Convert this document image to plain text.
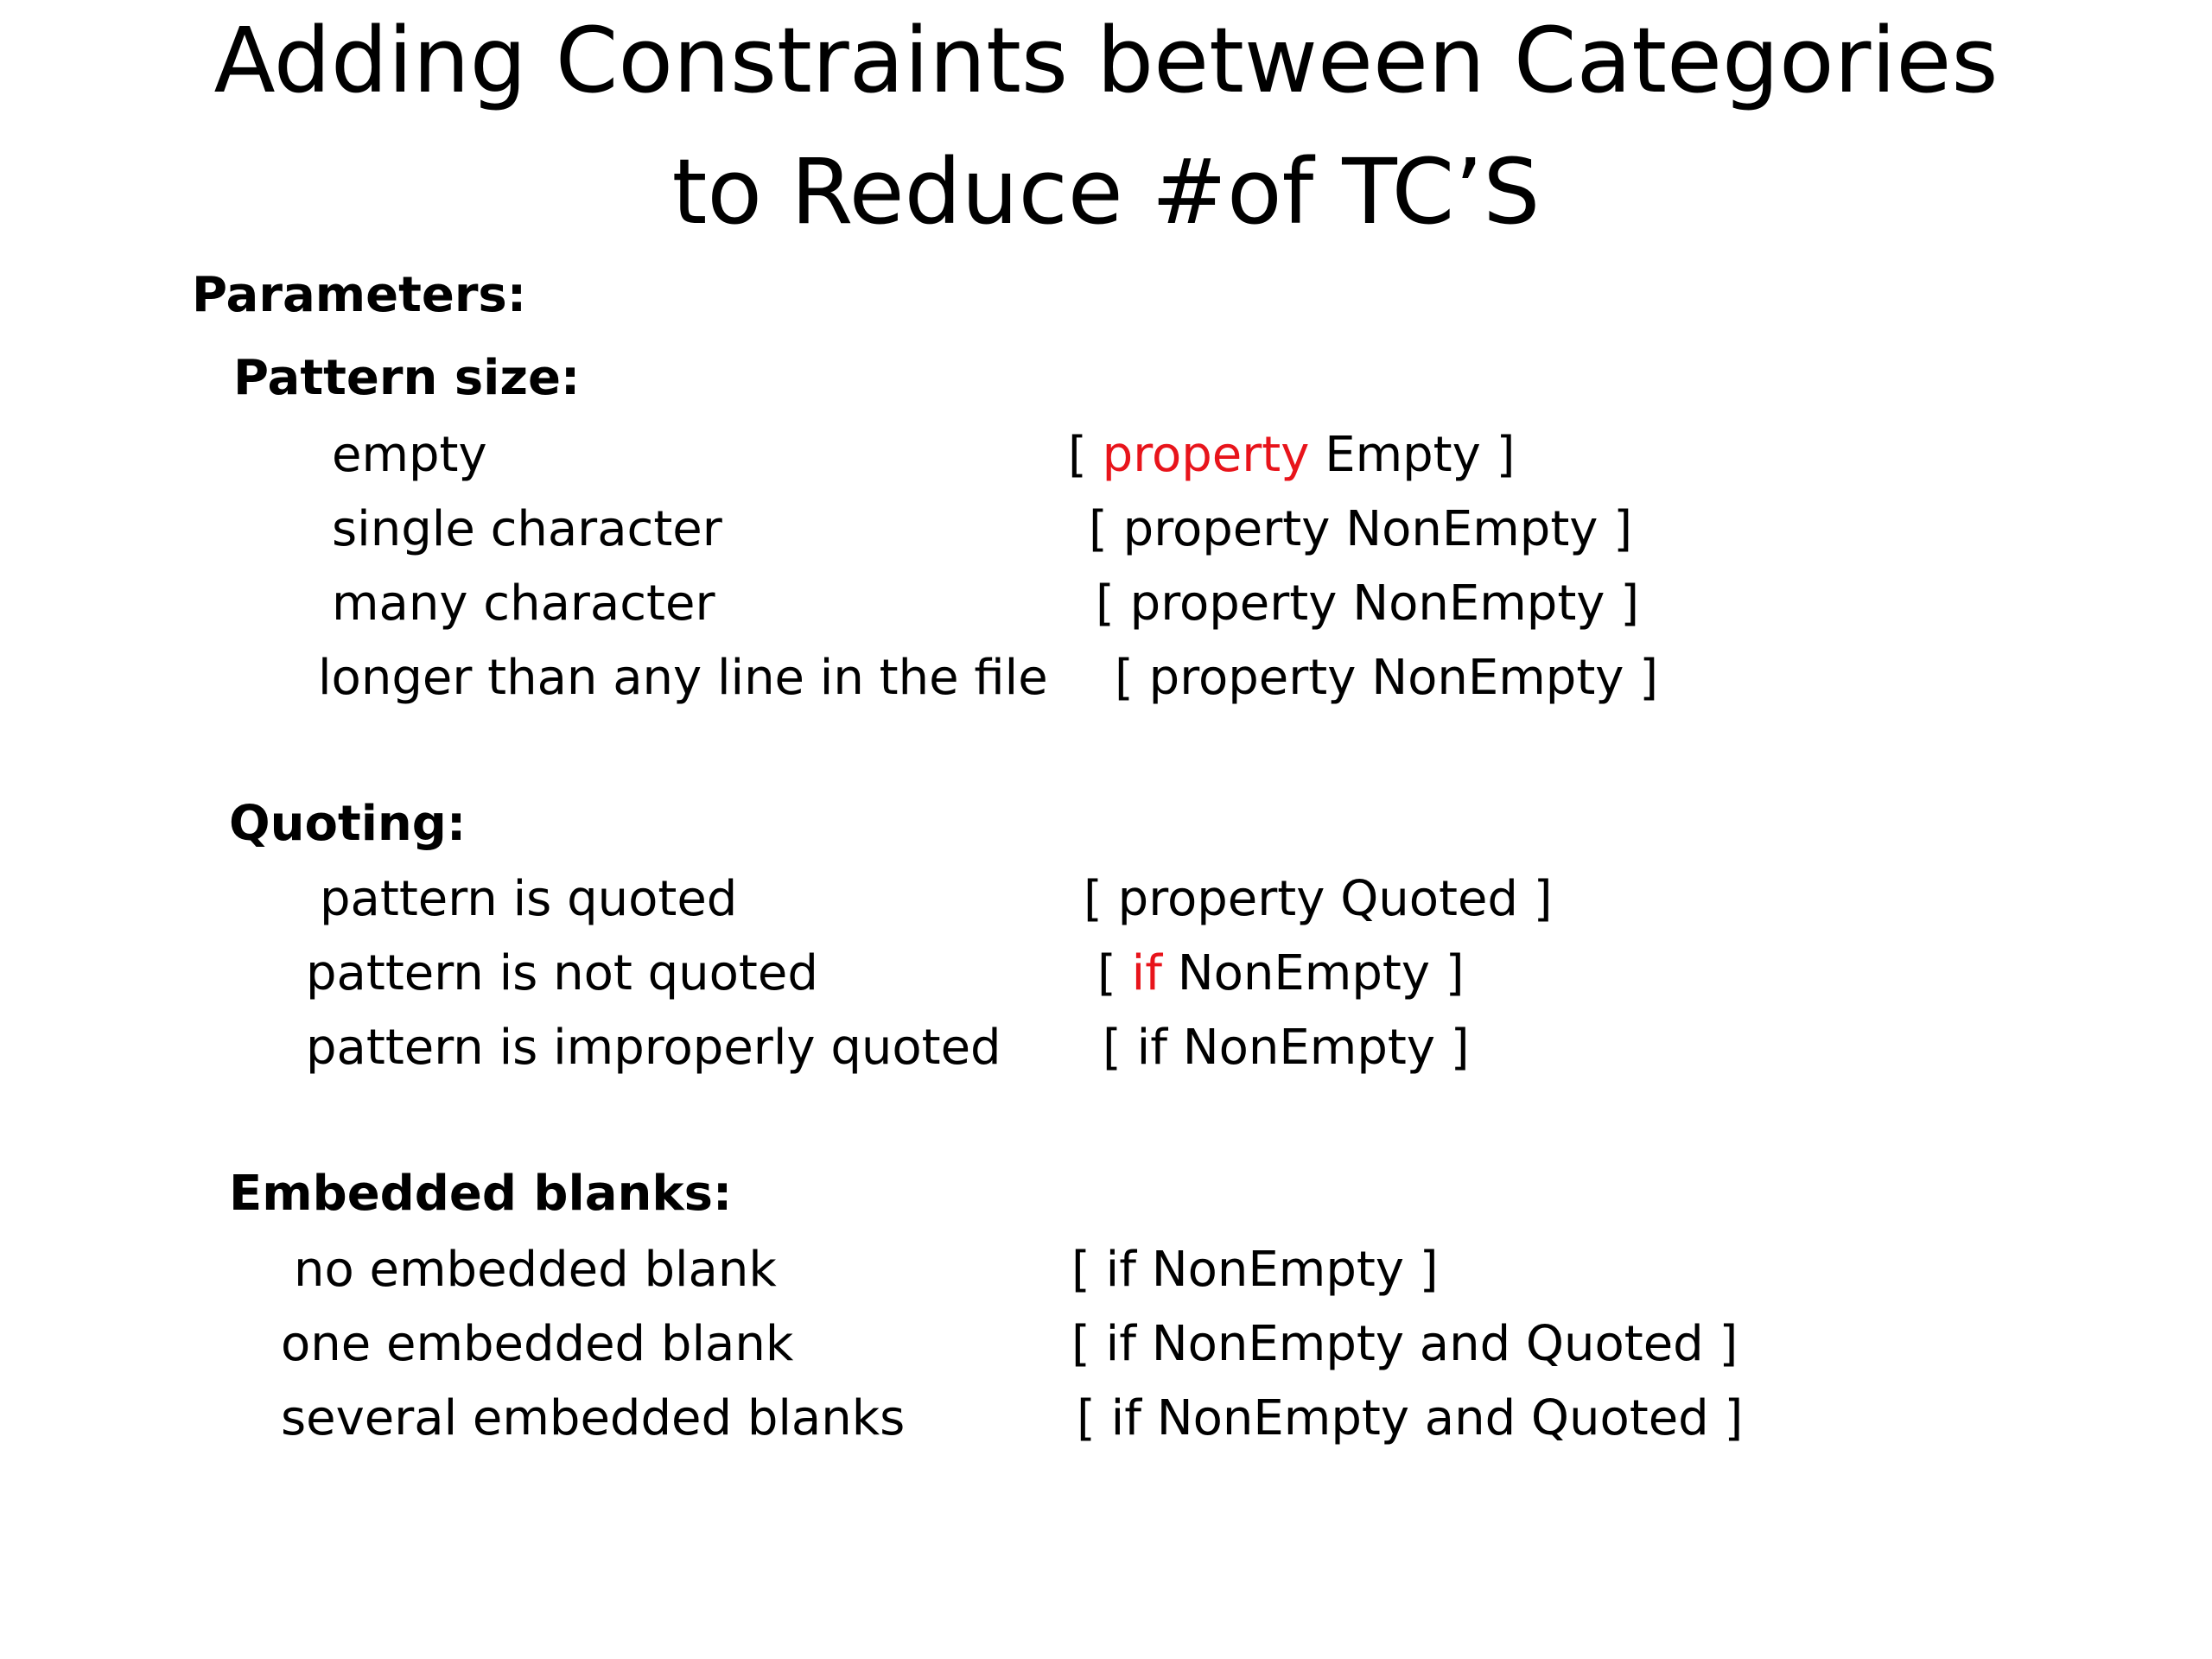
Adding Constraints between Categories
to Reduce #of TC’S
Parameters:
Pattern size:
empty	[ property Empty ]
single character	[ property NonEmpty ]
many character	[ property NonEmpty ]
longer than any line in the file [ property NonEmpty ]
Quoting:
pattern is quoted	[ property Quoted ]
pattern is not quoted	[ if NonEmpty ]
pattern is improperly quoted [ if NonEmpty ]
Embedded blanks:
no embedded blank	[ if NonEmpty ]
one embedded blank	[ if NonEmpty and Quoted ]
several embedded blanks	[ if NonEmpty and Quoted ]
